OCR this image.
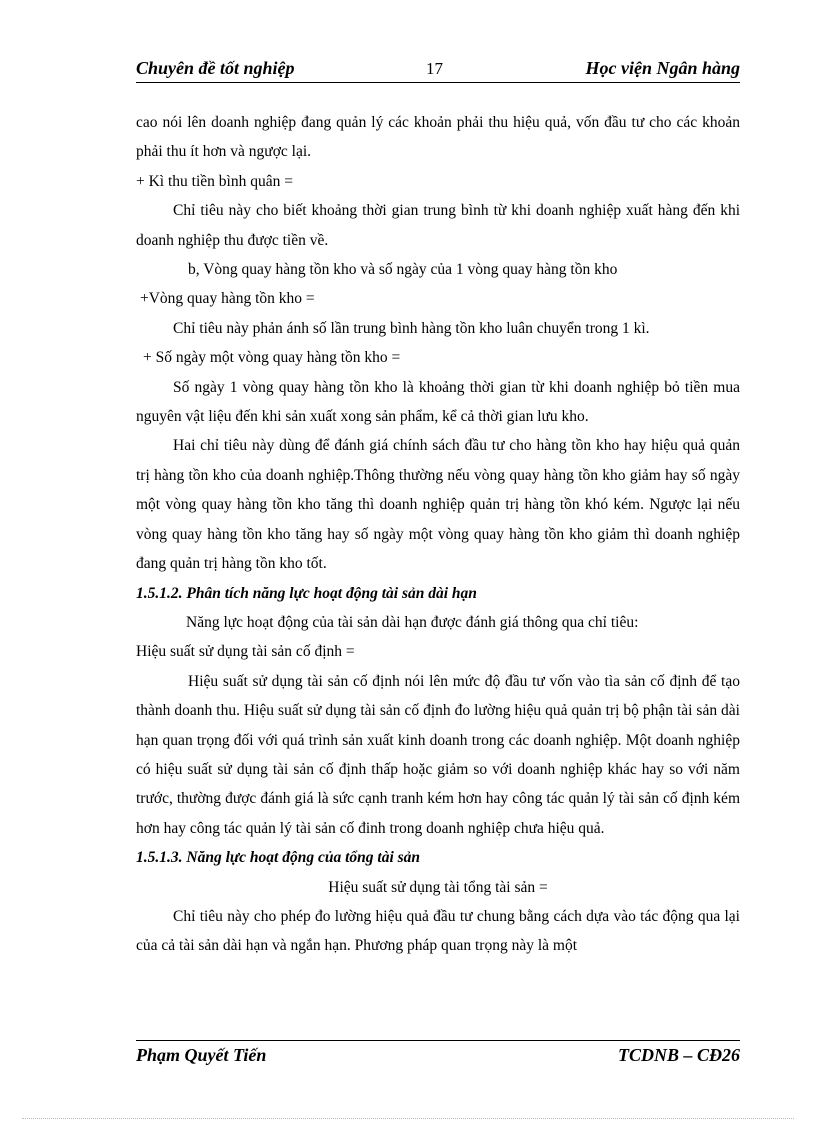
Chuyên đề tốt nghiệp	17	Học viện Ngân hàng

cao nói lên doanh nghiệp đang quản lý các khoản phải thu hiệu quả, vốn đầu tư cho các khoản phải thu ít hơn và ngược lại.

+ Kì thu tiền bình quân =

Chỉ tiêu này cho biết khoảng thời gian trung bình từ khi doanh nghiệp xuất hàng đến khi doanh nghiệp thu được tiền về.

b, Vòng quay hàng tồn kho và số ngày của 1 vòng quay hàng tồn kho

+Vòng quay hàng tồn kho =

Chỉ tiêu này phản ánh số lần trung bình hàng tồn kho luân chuyển trong 1 kì.

+ Số ngày một vòng quay hàng tồn kho =

Số ngày 1 vòng quay hàng tồn kho là khoảng thời gian từ khi doanh nghiệp bỏ tiền mua nguyên vật liệu đến khi sản xuất xong sản phẩm, kể cả thời gian lưu kho.

Hai chỉ tiêu này dùng để đánh giá chính sách đầu tư cho hàng tồn kho hay hiệu quả quản trị hàng tồn kho của doanh nghiệp.Thông thường nếu vòng quay hàng tồn kho giảm hay số ngày một vòng quay hàng tồn kho tăng thì doanh nghiệp quản trị hàng tồn khó kém. Ngược lại nếu vòng quay hàng tồn kho tăng hay số ngày một vòng quay hàng tồn kho giảm thì doanh nghiệp đang quản trị hàng tồn kho tốt.

1.5.1.2. Phân tích năng lực hoạt động tài sản dài hạn

Năng lực hoạt động của tài sản dài hạn được đánh giá thông qua chỉ tiêu:

Hiệu suất sử dụng tài sản cố định =

Hiệu suất sử dụng tài sản cố định nói lên mức độ đầu tư vốn vào tìa sản cố định để tạo thành doanh thu. Hiệu suất sử dụng tài sản cố định đo lường hiệu quả quản trị bộ phận tài sản dài hạn quan trọng đối với quá trình sản xuất kinh doanh trong các doanh nghiệp. Một doanh nghiệp có hiệu suất sử dụng tài sản cố định thấp hoặc giảm so với doanh nghiệp khác hay so với năm trước, thường được đánh giá là sức cạnh tranh kém hơn hay công tác quản lý tài sản cố định kém hơn hay công tác quản lý tài sản cố đinh trong doanh nghiệp chưa hiệu quả.

1.5.1.3. Năng lực hoạt động của tổng tài sản

Hiệu suất sử dụng tài tổng tài sản =

Chỉ tiêu này cho phép đo lường hiệu quả đầu tư chung bằng cách dựa vào tác động qua lại của cả tài sản dài hạn và ngắn hạn. Phương pháp quan trọng này là một

Phạm Quyết Tiến	TCDNB – CĐ26
